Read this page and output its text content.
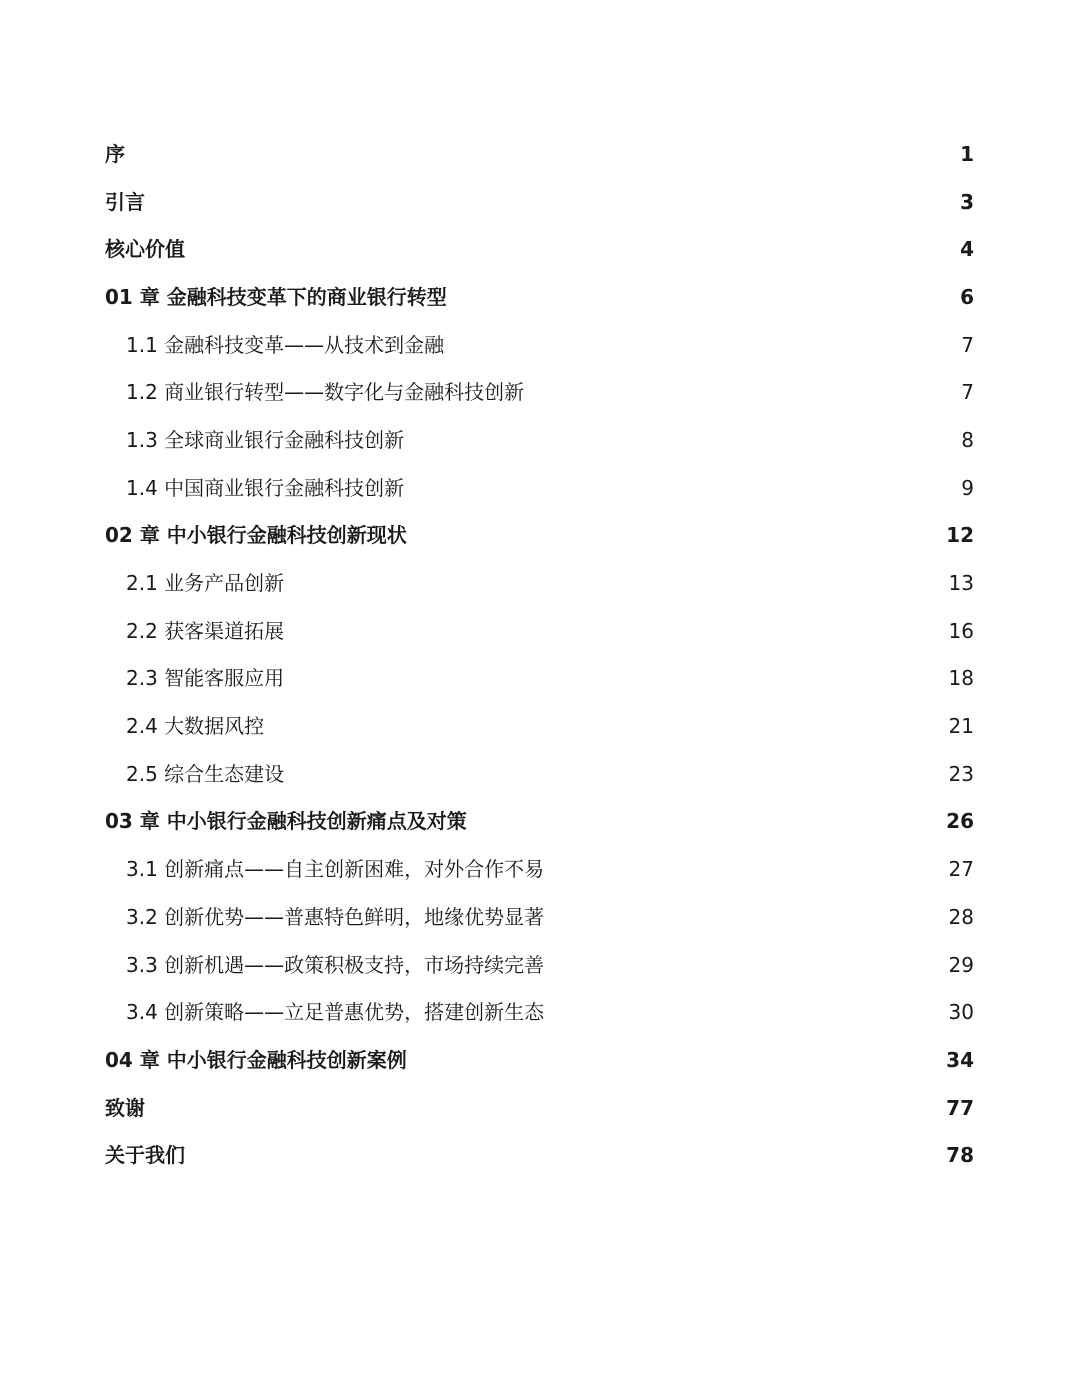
序	1
引言	3
核心价值	4
01 章 金融科技变革下的商业银行转型	6
1.1 金融科技变革——从技术到金融	7
1.2 商业银行转型——数字化与金融科技创新	7
1.3 全球商业银行金融科技创新	8
1.4 中国商业银行金融科技创新	9
02 章 中小银行金融科技创新现状	12
2.1 业务产品创新	13
2.2 获客渠道拓展	16
2.3 智能客服应用	18
2.4 大数据风控	21
2.5 综合生态建设	23
03 章 中小银行金融科技创新痛点及对策	26
3.1 创新痛点——自主创新困难，对外合作不易	27
3.2 创新优势——普惠特色鲜明，地缘优势显著	28
3.3 创新机遇——政策积极支持，市场持续完善	29
3.4 创新策略——立足普惠优势，搭建创新生态	30
04 章 中小银行金融科技创新案例	34
致谢	77
关于我们	78
